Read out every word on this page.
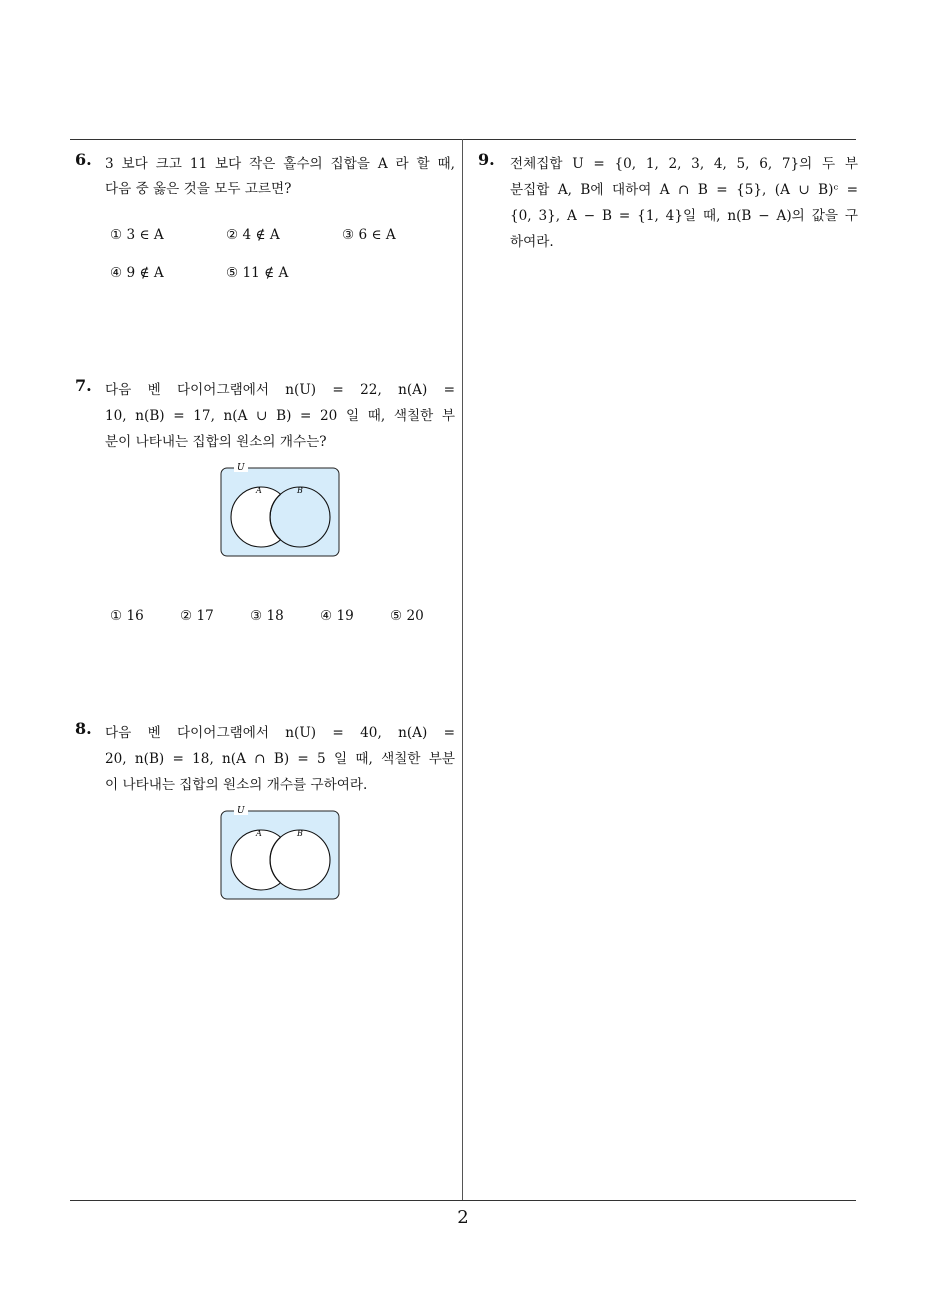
6. 3 보다 크고 11 보다 작은 홀수의 집합을 A 라 할 때,
다음 중 옳은 것을 모두 고르면?
① 3 ∈ A	② 4 ∉ A	③ 6 ∈ A
④ 9 ∉ A	⑤ 11 ∉ A
7. 다음 벤 다이어그램에서 n(U) = 22, n(A) =
10, n(B) = 17, n(A ∪ B) = 20 일 때, 색칠한 부
분이 나타내는 집합의 원소의 개수는?
U
A	B
① 16	② 17	③ 18	④ 19	⑤ 20
8. 다음 벤 다이어그램에서 n(U) = 40, n(A) =
20, n(B) = 18, n(A ∩ B) = 5 일 때, 색칠한 부분
이 나타내는 집합의 원소의 개수를 구하여라.
U
A	B
9. 전체집합 U = {0, 1, 2, 3, 4, 5, 6, 7}의 두 부
분집합 A, B에 대하여 A ∩ B = {5}, (A ∪ B)ᶜ =
{0, 3}, A − B = {1, 4}일 때, n(B − A)의 값을 구
하여라.
2
